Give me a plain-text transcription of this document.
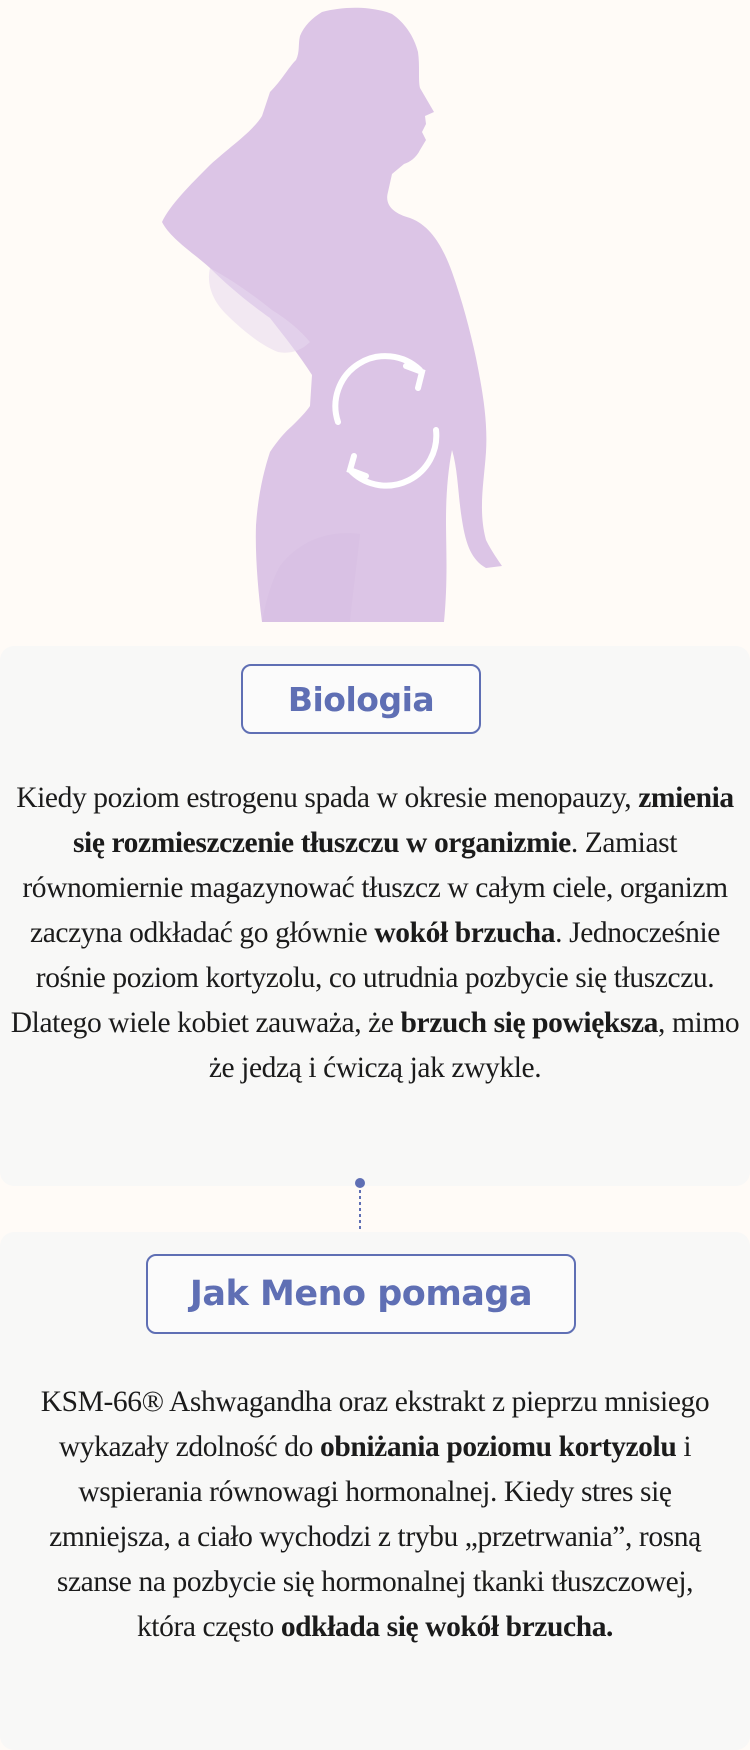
Biologia
Kiedy poziom estrogenu spada w okresie menopauzy, zmienia się rozmieszczenie tłuszczu w organizmie. Zamiast równomiernie magazynować tłuszcz w całym ciele, organizm zaczyna odkładać go głównie wokół brzucha. Jednocześnie rośnie poziom kortyzolu, co utrudnia pozbycie się tłuszczu. Dlatego wiele kobiet zauważa, że brzuch się powiększa, mimo że jedzą i ćwiczą jak zwykle.
Jak Meno pomaga
KSM-66® Ashwagandha oraz ekstrakt z pieprzu mnisiego wykazały zdolność do obniżania poziomu kortyzolu i wspierania równowagi hormonalnej. Kiedy stres się zmniejsza, a ciało wychodzi z trybu „przetrwania”, rosną szanse na pozbycie się hormonalnej tkanki tłuszczowej, która często odkłada się wokół brzucha.
